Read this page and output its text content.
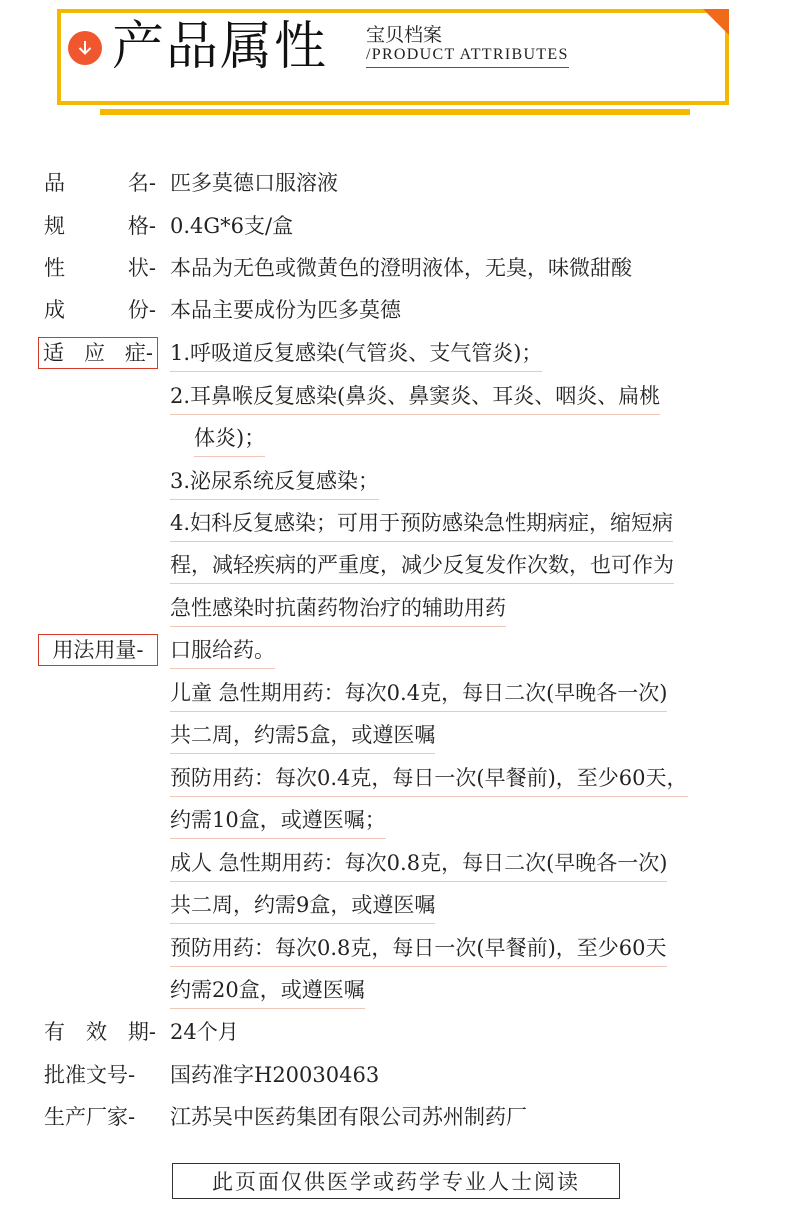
产品属性 宝贝档案
/PRODUCT ATTRIBUTES
品	名- 匹多莫德口服溶液
规	格- 0.4G*6支/盒
性	状- 本品为无色或微黄色的澄明液体，无臭，味微甜酸
成	份- 本品主要成份为匹多莫德
适 应 症- 1.呼吸道反复感染(气管炎、支气管炎)；
2.耳鼻喉反复感染(鼻炎、鼻窦炎、耳炎、咽炎、扁桃
体炎)；
3.泌尿系统反复感染；
4.妇科反复感染；可用于预防感染急性期病症，缩短病
程，减轻疾病的严重度，减少反复发作次数，也可作为
急性感染时抗菌药物治疗的辅助用药
用法用量- 口服给药。
儿童 急性期用药：每次0.4克，每日二次(早晚各一次)
共二周，约需5盒，或遵医嘱
预防用药：每次0.4克，每日一次(早餐前)，至少60天，
约需10盒，或遵医嘱；
成人 急性期用药：每次0.8克，每日二次(早晚各一次)
共二周，约需9盒，或遵医嘱
预防用药：每次0.8克，每日一次(早餐前)，至少60天
约需20盒，或遵医嘱
有 效 期- 24个月
批准文号- 国药准字H20030463
生产厂家- 江苏吴中医药集团有限公司苏州制药厂
此页面仅供医学或药学专业人士阅读
